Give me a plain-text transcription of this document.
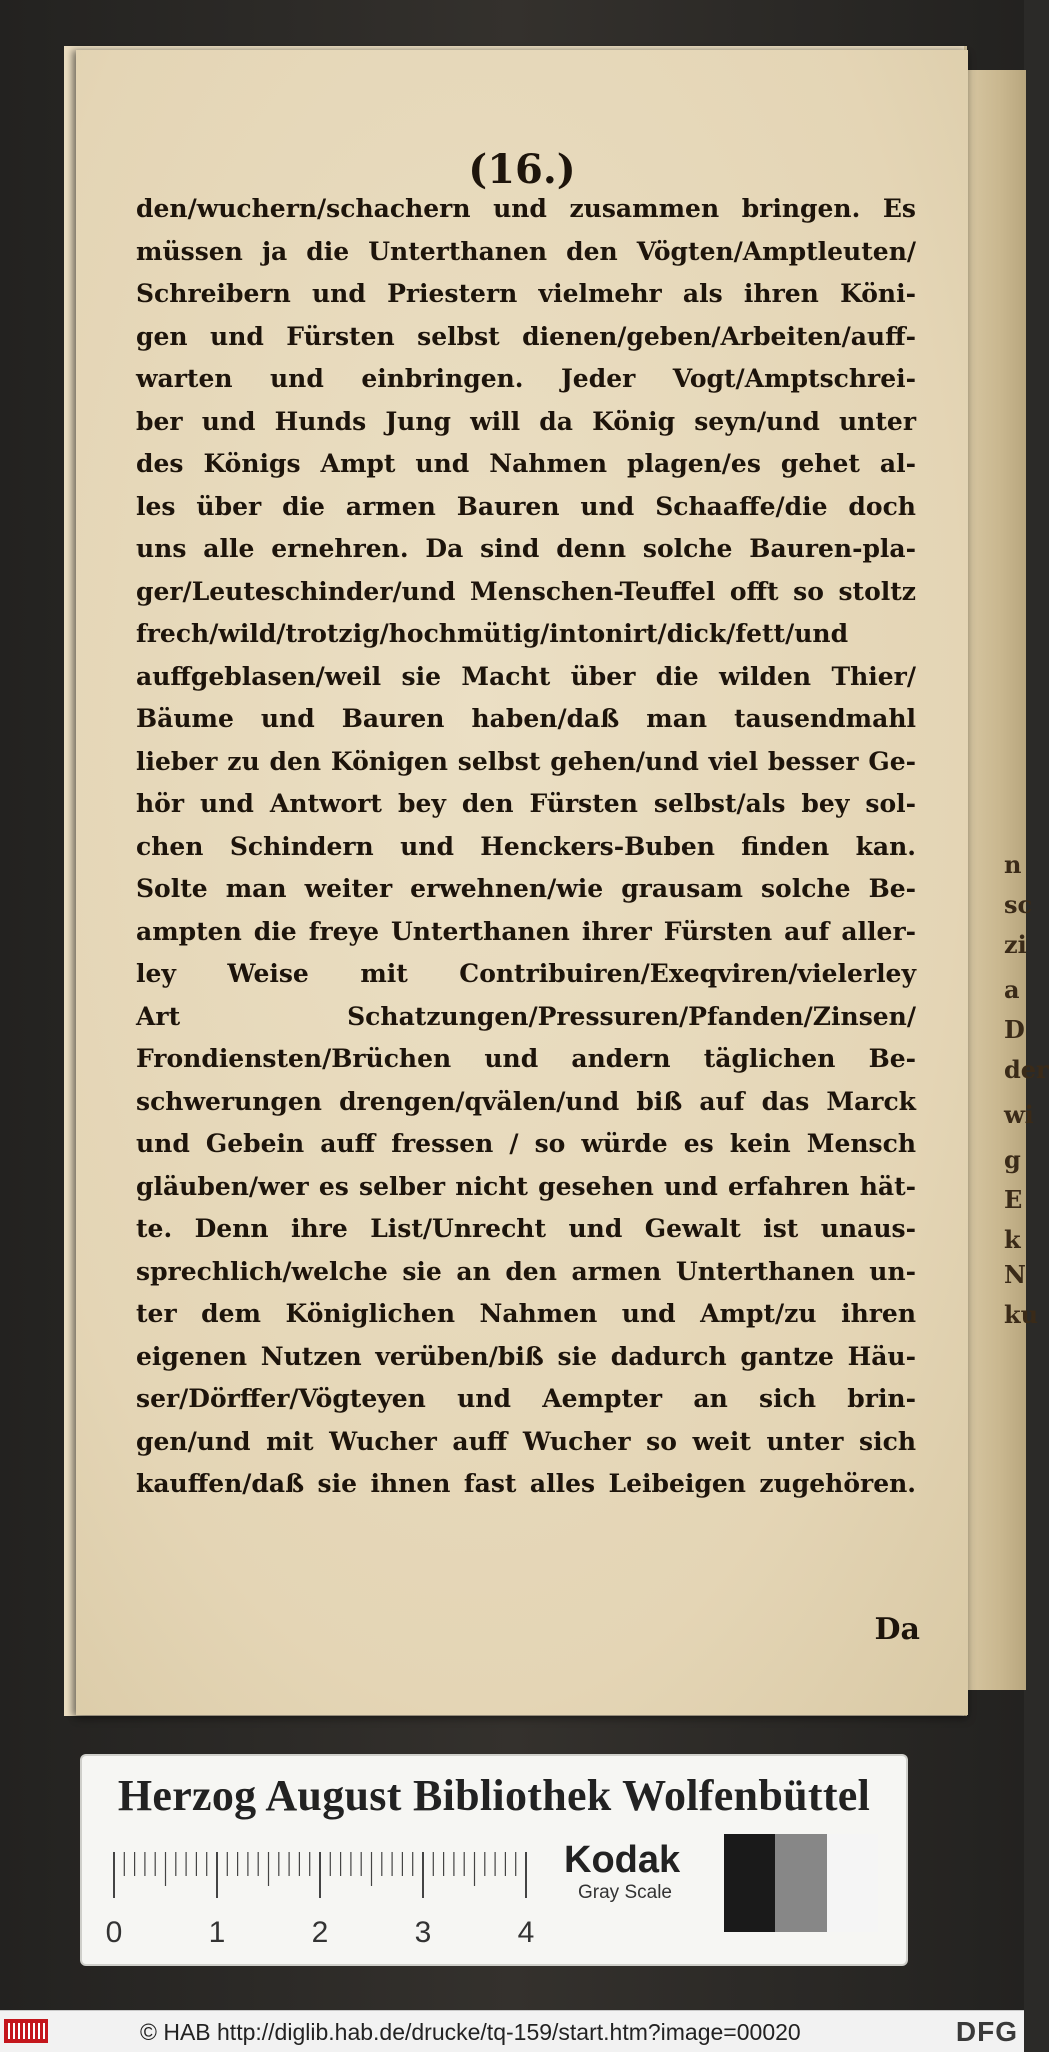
n
sc
zi
a
D
der
wi
g
E
k
N
ku
(16.)
den/wuchern/schachern und zusammen bringen. Es
müssen ja die Unterthanen den Vögten/Amptleuten/
Schreibern und Priestern vielmehr als ihren Köni-
gen und Fürsten selbst dienen/geben/Arbeiten/auff-
warten und einbringen. Jeder Vogt/Amptschrei-
ber und Hunds Jung will da König seyn/und unter
des Königs Ampt und Nahmen plagen/es gehet al-
les über die armen Bauren und Schaaffe/die doch
uns alle ernehren. Da sind denn solche Bauren-pla-
ger/Leuteschinder/und Menschen-Teuffel offt so stoltz
frech/wild/trotzig/hochmütig/intonirt/dick/fett/und
auffgeblasen/weil sie Macht über die wilden Thier/
Bäume und Bauren haben/daß man tausendmahl
lieber zu den Königen selbst gehen/und viel besser Ge-
hör und Antwort bey den Fürsten selbst/als bey sol-
chen Schindern und Henckers-Buben finden kan.
Solte man weiter erwehnen/wie grausam solche Be-
ampten die freye Unterthanen ihrer Fürsten auf aller-
ley Weise mit Contribuiren/Exeqviren/vielerley
Art Schatzungen/Pressuren/Pfanden/Zinsen/
Frondiensten/Brüchen und andern täglichen Be-
schwerungen drengen/qvälen/und biß auf das Marck
und Gebein auff fressen / so würde es kein Mensch
gläuben/wer es selber nicht gesehen und erfahren hät-
te. Denn ihre List/Unrecht und Gewalt ist unaus-
sprechlich/welche sie an den armen Unterthanen un-
ter dem Königlichen Nahmen und Ampt/zu ihren
eigenen Nutzen verüben/biß sie dadurch gantze Häu-
ser/Dörffer/Vögteyen und Aempter an sich brin-
gen/und mit Wucher auff Wucher so weit unter sich
kauffen/daß sie ihnen fast alles Leibeigen zugehören.
Da
Herzog August Bibliothek Wolfenbüttel
0	1	2	3	4
Kodak
Gray Scale
© HAB http://diglib.hab.de/drucke/tq-159/start.htm?image=00020	DFG
